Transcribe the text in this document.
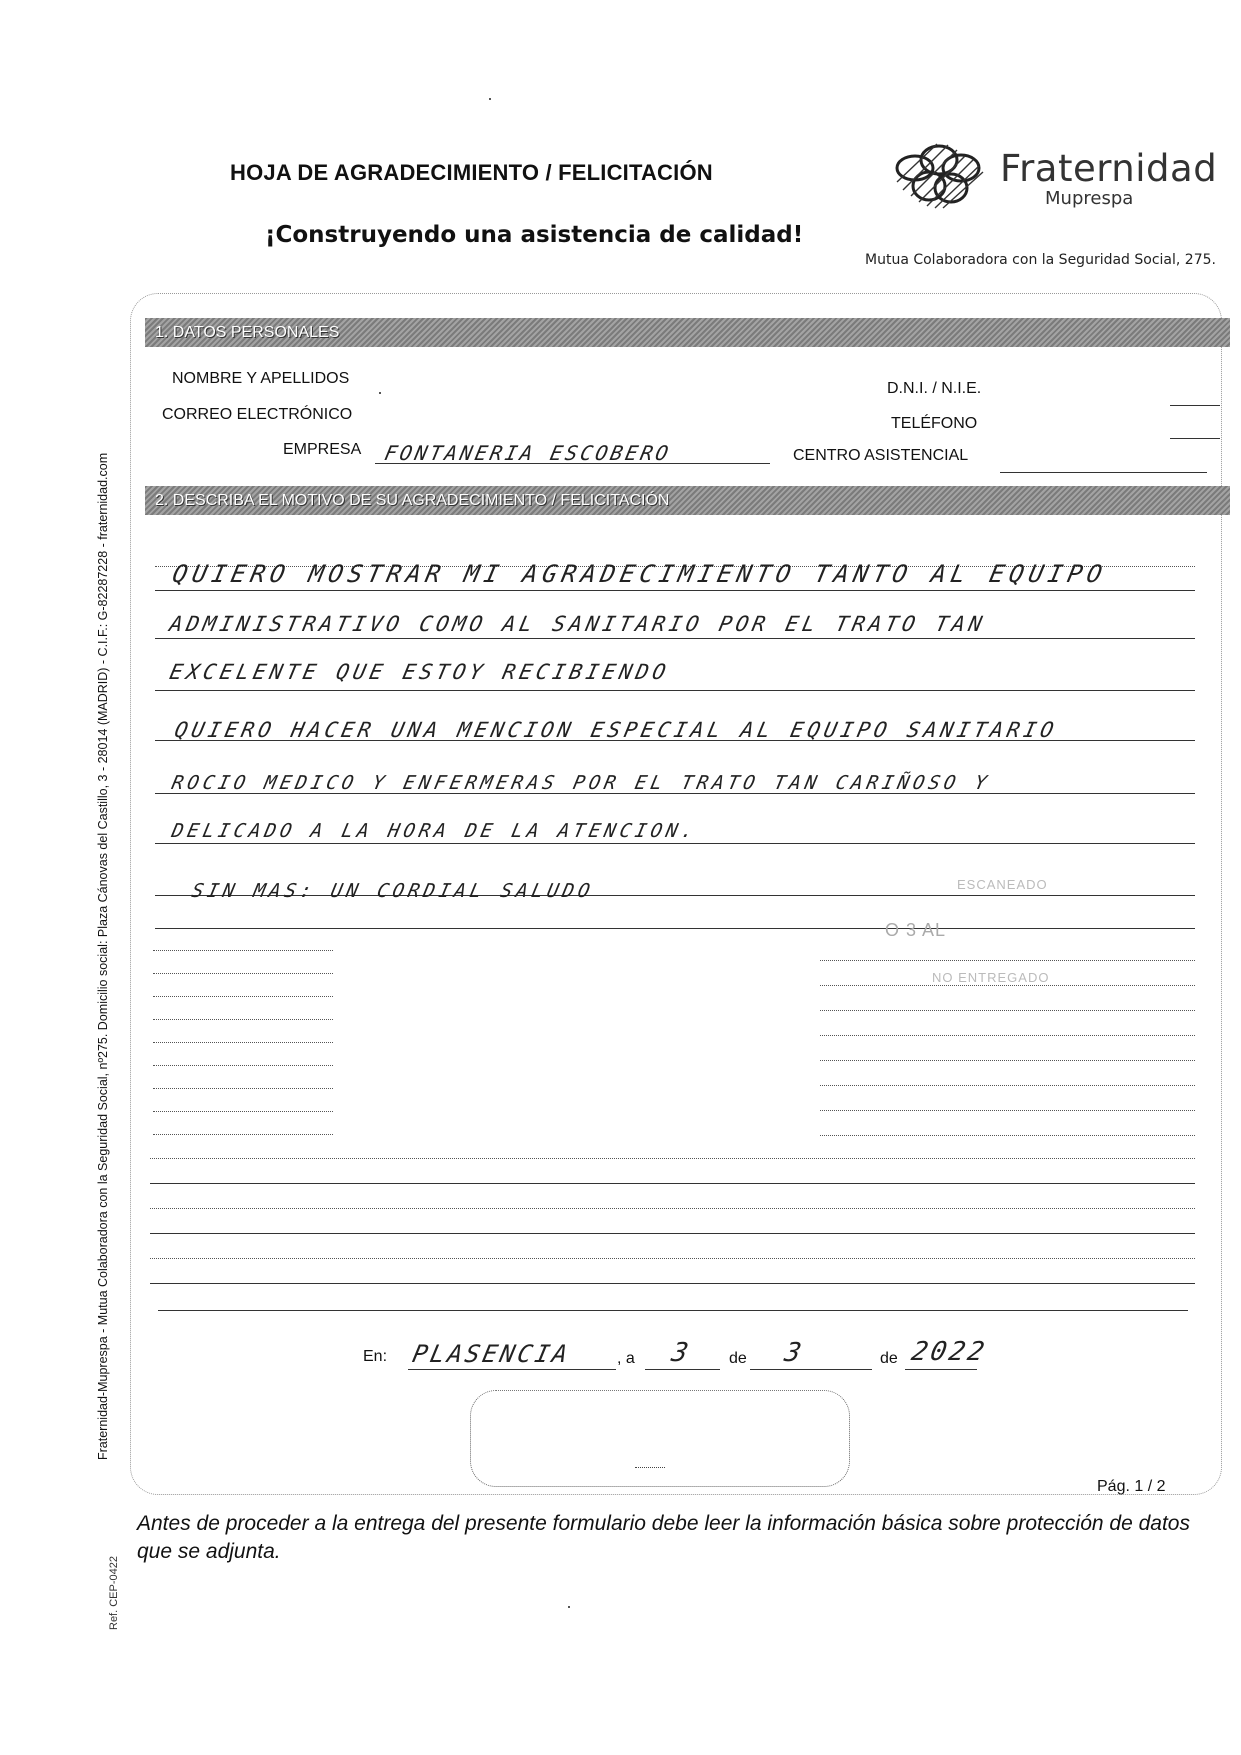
HOJA DE AGRADECIMIENTO / FELICITACIÓN
¡Construyendo una asistencia de calidad!
Fraternidad
Muprespa
Mutua Colaboradora con la Seguridad Social, 275.
1. DATOS PERSONALES
NOMBRE Y APELLIDOS
CORREO ELECTRÓNICO
EMPRESA FONTANERIA ESCOBERO
D.N.I. / N.I.E.
TELÉFONO
CENTRO ASISTENCIAL
2. DESCRIBA EL MOTIVO DE SU AGRADECIMIENTO / FELICITACIÓN
QUIERO MOSTRAR MI AGRADECIMIENTO TANTO AL EQUIPO
ADMINISTRATIVO COMO AL SANITARIO POR EL TRATO TAN
EXCELENTE QUE ESTOY RECIBIENDO
QUIERO HACER UNA MENCION ESPECIAL AL EQUIPO SANITARIO
ROCIO MEDICO Y ENFERMERAS POR EL TRATO TAN CARIÑOSO Y
DELICADO A LA HORA DE LA ATENCION.
SIN MAS: UN CORDIAL SALUDO	ESCANEADO
O 3 AL
NO ENTREGADO
En: PLASENCIA	, a 3 de 3	de 2022
Pág. 1 / 2
Antes de proceder a la entrega del presente formulario debe leer la información básica sobre protección de datos que se adjunta.
Fraternidad-Muprespa - Mutua Colaboradora con la Seguridad Social, nº275. Domicilio social: Plaza Cánovas del Castillo, 3 - 28014 (MADRID) - C.I.F.: G-82287228 - fraternidad.com
Ref. CEP-0422
